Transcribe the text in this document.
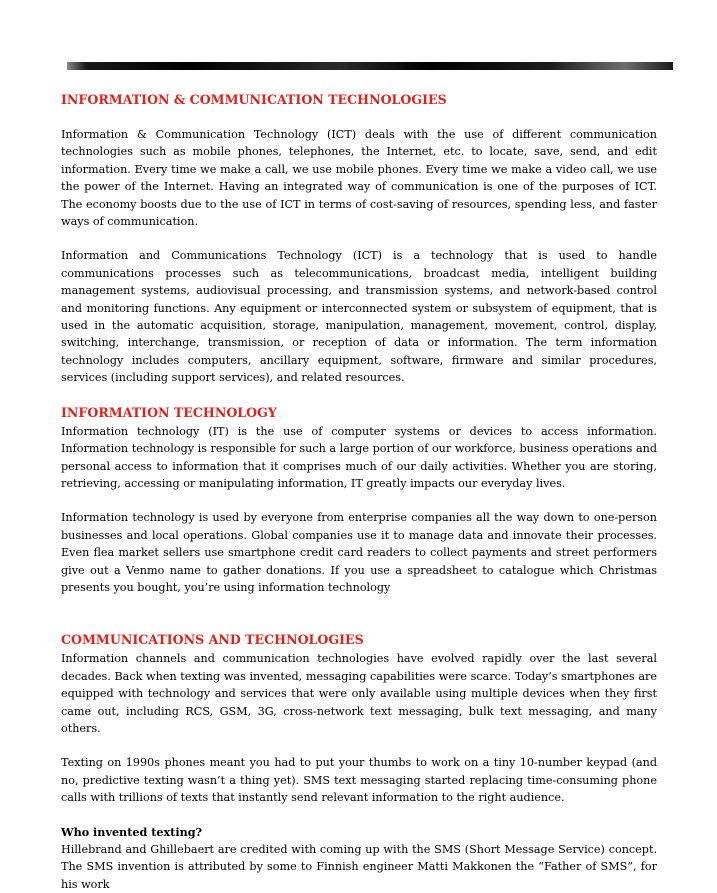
INFORMATION & COMMUNICATION TECHNOLOGIES

Information & Communication Technology (ICT) deals with the use of different communication technologies such as mobile phones, telephones, the Internet, etc. to locate, save, send, and edit information. Every time we make a call, we use mobile phones. Every time we make a video call, we use the power of the Internet. Having an integrated way of communication is one of the purposes of ICT. The economy boosts due to the use of ICT in terms of cost-saving of resources, spending less, and faster ways of communication.

Information and Communications Technology (ICT) is a technology that is used to handle communications processes such as telecommunications, broadcast media, intelligent building management systems, audiovisual processing, and transmission systems, and network-based control and monitoring functions. Any equipment or interconnected system or subsystem of equipment, that is used in the automatic acquisition, storage, manipulation, management, movement, control, display, switching, interchange, transmission, or reception of data or information. The term information technology includes computers, ancillary equipment, software, firmware and similar procedures, services (including support services), and related resources.

INFORMATION TECHNOLOGY

Information technology (IT) is the use of computer systems or devices to access information. Information technology is responsible for such a large portion of our workforce, business operations and personal access to information that it comprises much of our daily activities. Whether you are storing, retrieving, accessing or manipulating information, IT greatly impacts our everyday lives.

Information technology is used by everyone from enterprise companies all the way down to one-person businesses and local operations. Global companies use it to manage data and innovate their processes. Even flea market sellers use smartphone credit card readers to collect payments and street performers give out a Venmo name to gather donations. If you use a spreadsheet to catalogue which Christmas presents you bought, you’re using information technology

COMMUNICATIONS AND TECHNOLOGIES

Information channels and communication technologies have evolved rapidly over the last several decades. Back when texting was invented, messaging capabilities were scarce. Today’s smartphones are equipped with technology and services that were only available using multiple devices when they first came out, including RCS, GSM, 3G, cross-network text messaging, bulk text messaging, and many others.

Texting on 1990s phones meant you had to put your thumbs to work on a tiny 10-number keypad (and no, predictive texting wasn’t a thing yet). SMS text messaging started replacing time-consuming phone calls with trillions of texts that instantly send relevant information to the right audience.

Who invented texting?

Hillebrand and Ghillebaert are credited with coming up with the SMS (Short Message Service) concept. The SMS invention is attributed by some to Finnish engineer Matti Makkonen the “Father of SMS”, for his work
